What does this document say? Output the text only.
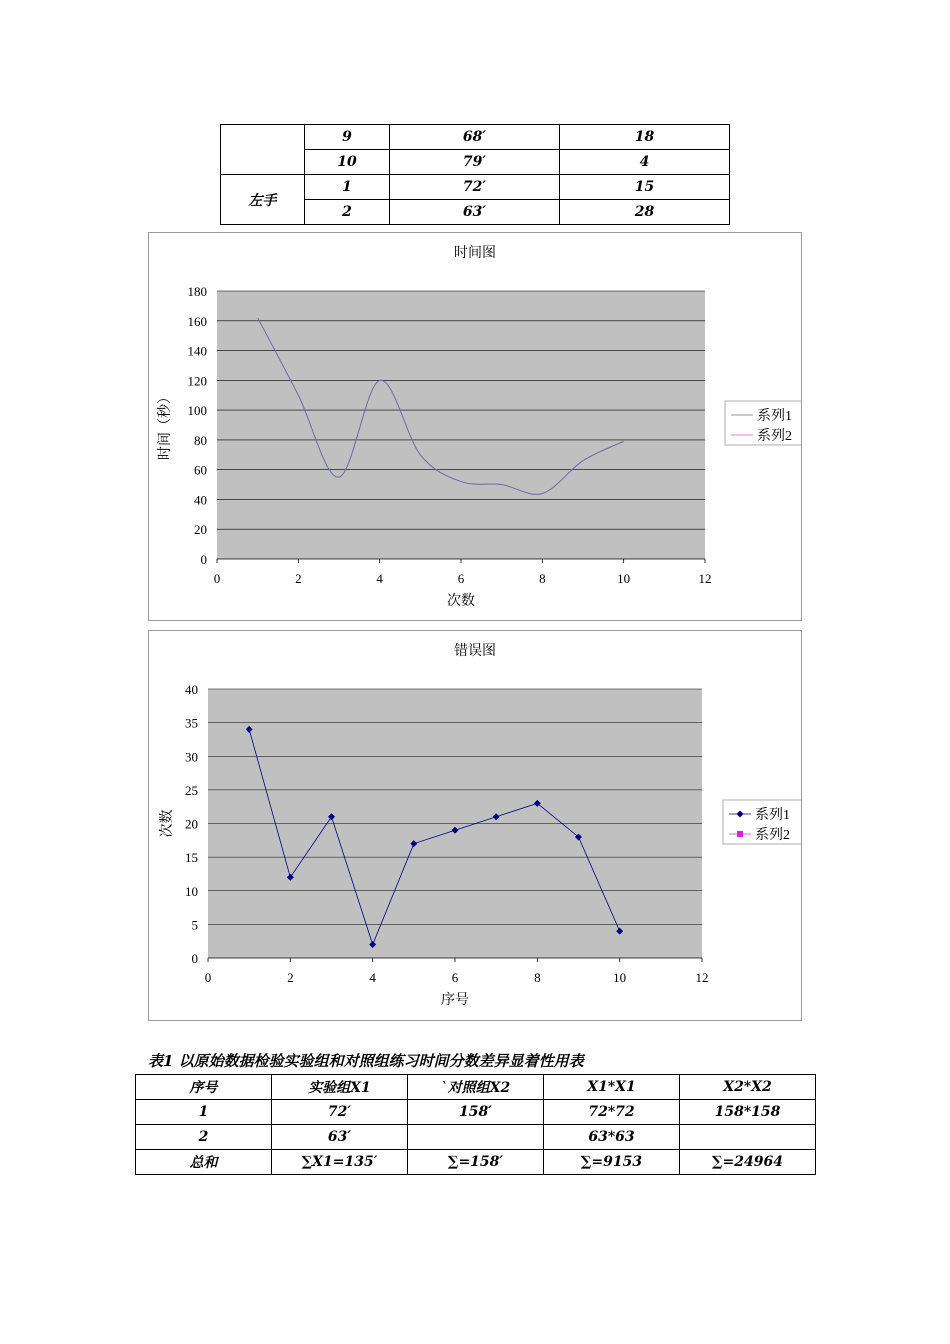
	9	68′	18
	10	79′	4
左手	1	72′	15
	2	63′	28
时间图
0
20
40
60
80
100
120
140
160
180
0	2	4	6	8	10	12
次数
时间（秒）	系列1
系列2
错误图
0
5
10
15
20
25
30
35
40
0	2	4	6	8	10	12
序号
次数	系列1
系列2
表1 以原始数据检验实验组和对照组练习时间分数差异显着性用表
序号	实验组X1	`对照组X2	X1*X1	X2*X2
1	72′	158′	72*72	158*158
2	63′		63*63	
总和	∑X1=135′	∑=158′	∑=9153	∑=24964
